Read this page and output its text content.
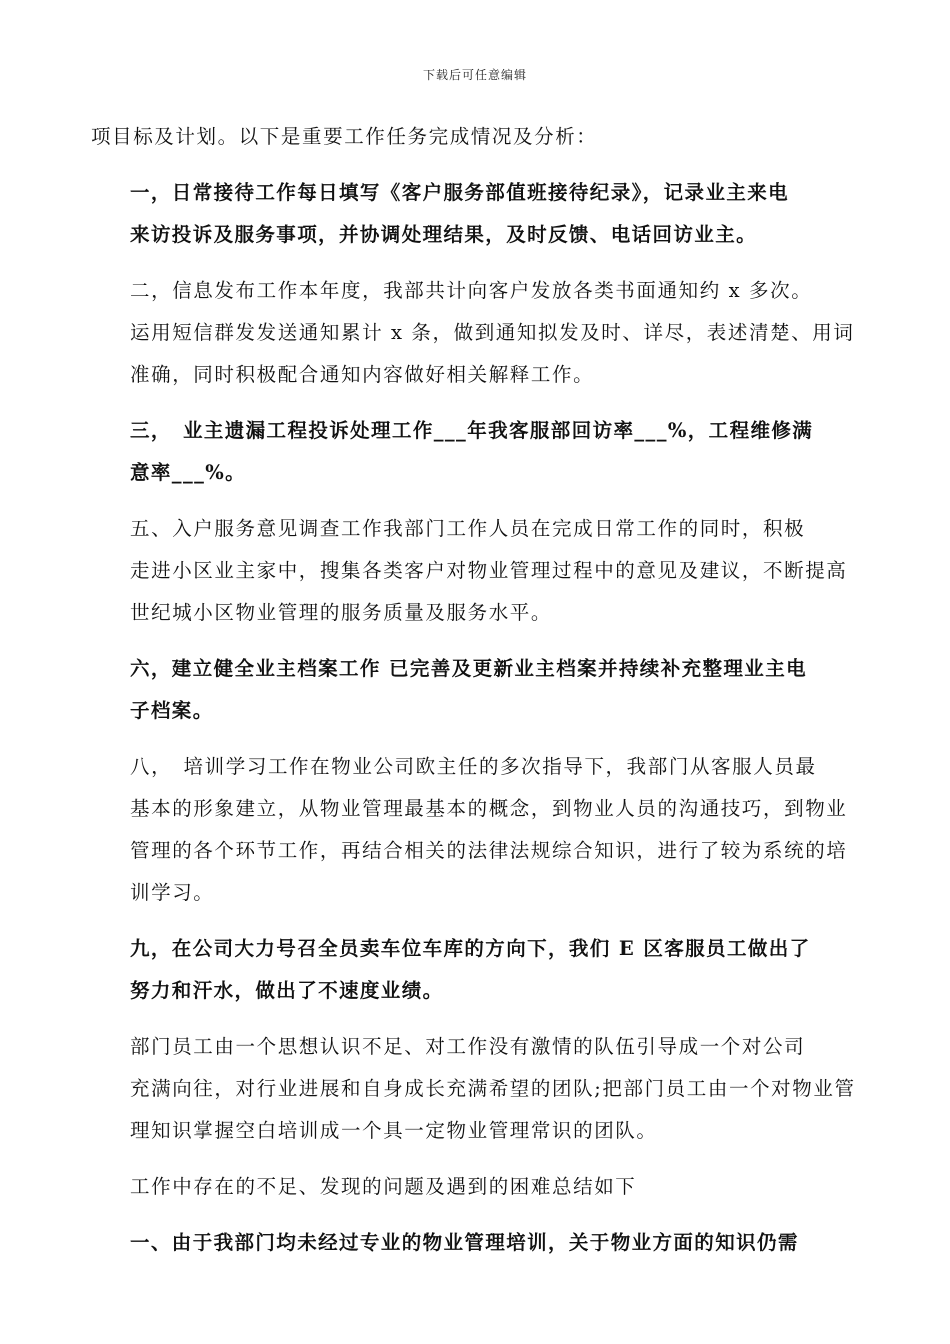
下载后可任意编辑

项目标及计划。以下是重要工作任务完成情况及分析：

一，日常接待工作每日填写《客户服务部值班接待纪录》，记录业主来电
来访投诉及服务事项，并协调处理结果，及时反馈、电话回访业主。

二，信息发布工作本年度，我部共计向客户发放各类书面通知约 x 多次。
运用短信群发发送通知累计 x 条，做到通知拟发及时、详尽，表述清楚、用词
准确，同时积极配合通知内容做好相关解释工作。

三，　业主遗漏工程投诉处理工作___年我客服部回访率___%，工程维修满
意率___%。

五、入户服务意见调查工作我部门工作人员在完成日常工作的同时，积极
走进小区业主家中，搜集各类客户对物业管理过程中的意见及建议，不断提高
世纪城小区物业管理的服务质量及服务水平。

六，建立健全业主档案工作 已完善及更新业主档案并持续补充整理业主电
子档案。

八，　培训学习工作在物业公司欧主任的多次指导下，我部门从客服人员最
基本的形象建立，从物业管理最基本的概念，到物业人员的沟通技巧，到物业
管理的各个环节工作，再结合相关的法律法规综合知识，进行了较为系统的培
训学习。

九，在公司大力号召全员卖车位车库的方向下，我们 E 区客服员工做出了
努力和汗水，做出了不速度业绩。

部门员工由一个思想认识不足、对工作没有激情的队伍引导成一个对公司
充满向往，对行业进展和自身成长充满希望的团队;把部门员工由一个对物业管
理知识掌握空白培训成一个具一定物业管理常识的团队。

工作中存在的不足、发现的问题及遇到的困难总结如下

一、由于我部门均未经过专业的物业管理培训，关于物业方面的知识仍需
